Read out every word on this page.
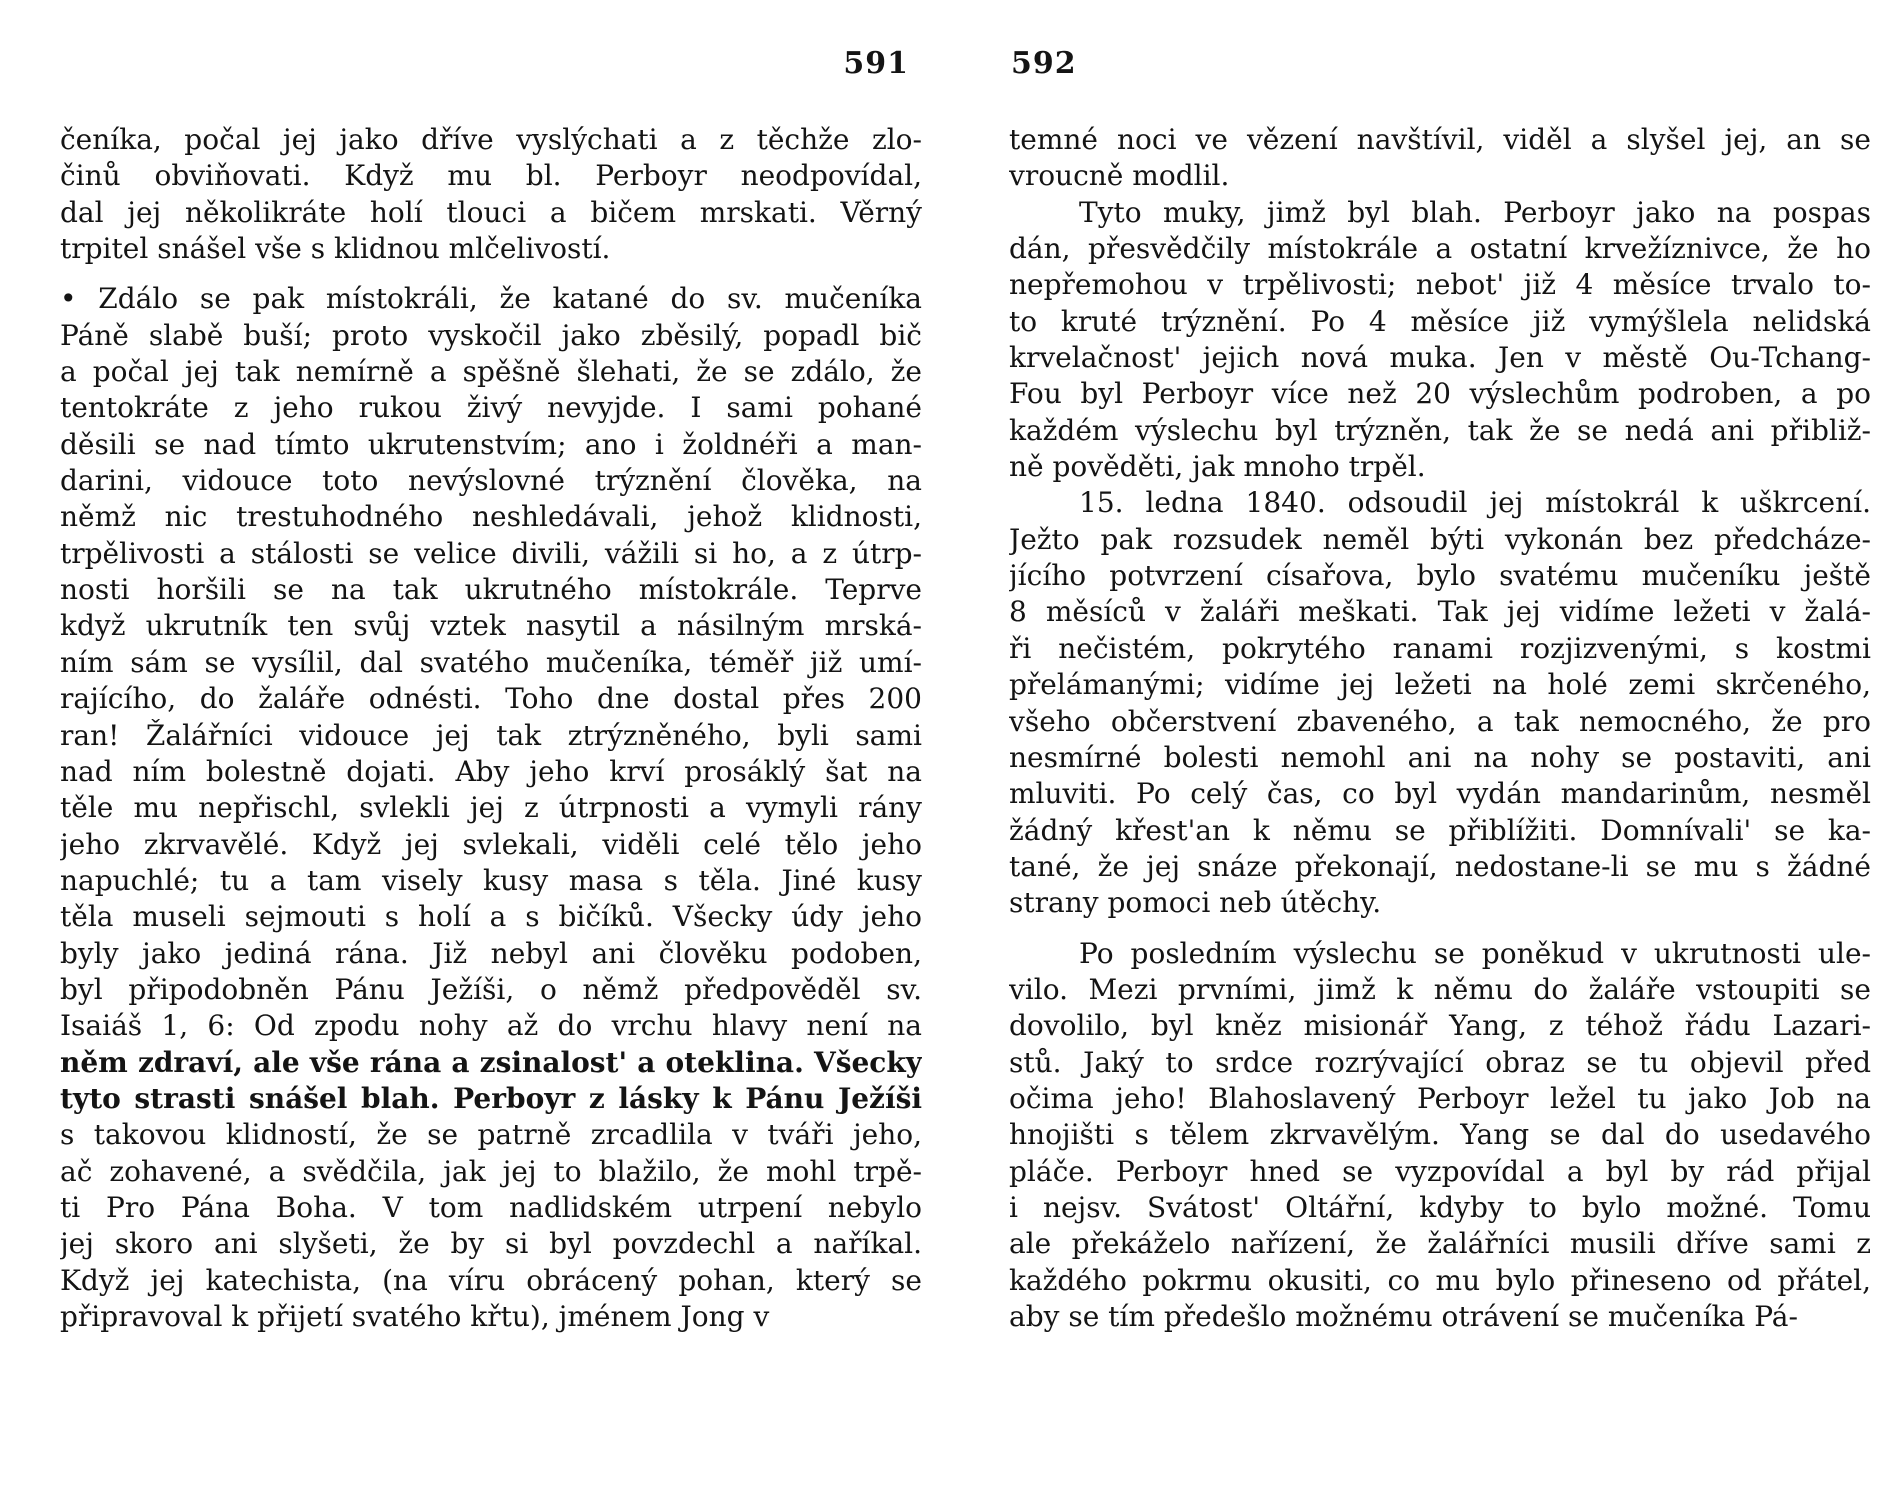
591
čeníka, počal jej jako dříve vyslýchati a z těchže zlo-
činů obviňovati. Když mu bl. Perboyr neodpovídal,
dal jej několikráte holí tlouci a bičem mrskati. Věrný
trpitel snášel vše s klidnou mlčelivostí.
• Zdálo se pak místokráli, že katané do sv. mučeníka
Páně slabě buší; proto vyskočil jako zběsilý, popadl bič
a počal jej tak nemírně a spěšně šlehati, že se zdálo, že
tentokráte z jeho rukou živý nevyjde. I sami pohané
děsili se nad tímto ukrutenstvím; ano i žoldnéři a man-
darini, vidouce toto nevýslovné trýznění člověka, na
němž nic trestuhodného neshledávali, jehož klidnosti,
trpělivosti a stálosti se velice divili, vážili si ho, a z útrp-
nosti horšili se na tak ukrutného místokrále. Teprve
když ukrutník ten svůj vztek nasytil a násilným mrská-
ním sám se vysílil, dal svatého mučeníka, téměř již umí-
rajícího, do žaláře odnésti. Toho dne dostal přes 200
ran! Žalářníci vidouce jej tak ztrýzněného, byli sami
nad ním bolestně dojati. Aby jeho krví prosáklý šat na
těle mu nepřischl, svlekli jej z útrpnosti a vymyli rány
jeho zkrvavělé. Když jej svlekali, viděli celé tělo jeho
napuchlé; tu a tam visely kusy masa s těla. Jiné kusy
těla museli sejmouti s holí a s bičíků. Všecky údy jeho
byly jako jediná rána. Již nebyl ani člověku podoben,
byl připodobněn Pánu Ježíši, o němž předpověděl sv.
Isaiáš 1, 6: Od zpodu nohy až do vrchu hlavy není na
něm zdraví, ale vše rána a zsinalost' a oteklina. Všecky
tyto strasti snášel blah. Perboyr z lásky k Pánu Ježíši
s takovou klidností, že se patrně zrcadlila v tváři jeho,
ač zohavené, a svědčila, jak jej to blažilo, že mohl trpě-
ti Pro Pána Boha. V tom nadlidském utrpení nebylo
jej skoro ani slyšeti, že by si byl povzdechl a naříkal.
Když jej katechista, (na víru obrácený pohan, který se
připravoval k přijetí svatého křtu), jménem Jong v
592
temné noci ve vězení navštívil, viděl a slyšel jej, an se
vroucně modlil.
Tyto muky, jimž byl blah. Perboyr jako na pospas
dán, přesvědčily místokrále a ostatní krvežíznivce, že ho
nepřemohou v trpělivosti; nebot' již 4 měsíce trvalo to-
to kruté trýznění. Po 4 měsíce již vymýšlela nelidská
krvelačnost' jejich nová muka. Jen v městě Ou-Tchang-
Fou byl Perboyr více než 20 výslechům podroben, a po
každém výslechu byl trýzněn, tak že se nedá ani přibliž-
ně pověděti, jak mnoho trpěl.
15. ledna 1840. odsoudil jej místokrál k uškrcení.
Ježto pak rozsudek neměl býti vykonán bez předcháze-
jícího potvrzení císařova, bylo svatému mučeníku ještě
8 měsíců v žaláři meškati. Tak jej vidíme ležeti v žalá-
ři nečistém, pokrytého ranami rozjizvenými, s kostmi
přelámanými; vidíme jej ležeti na holé zemi skrčeného,
všeho občerstvení zbaveného, a tak nemocného, že pro
nesmírné bolesti nemohl ani na nohy se postaviti, ani
mluviti. Po celý čas, co byl vydán mandarinům, nesměl
žádný křest'an k němu se přiblížiti. Domnívali' se ka-
tané, že jej snáze překonají, nedostane-li se mu s žádné
strany pomoci neb útěchy.
Po posledním výslechu se poněkud v ukrutnosti ule-
vilo. Mezi prvními, jimž k němu do žaláře vstoupiti se
dovolilo, byl kněz misionář Yang, z téhož řádu Lazari-
stů. Jaký to srdce rozrývající obraz se tu objevil před
očima jeho! Blahoslavený Perboyr ležel tu jako Job na
hnojišti s tělem zkrvavělým. Yang se dal do usedavého
pláče. Perboyr hned se vyzpovídal a byl by rád přijal
i nejsv. Svátost' Oltářní, kdyby to bylo možné. Tomu
ale překáželo nařízení, že žalářníci musili dříve sami z
každého pokrmu okusiti, co mu bylo přineseno od přátel,
aby se tím předešlo možnému otrávení se mučeníka Pá-
